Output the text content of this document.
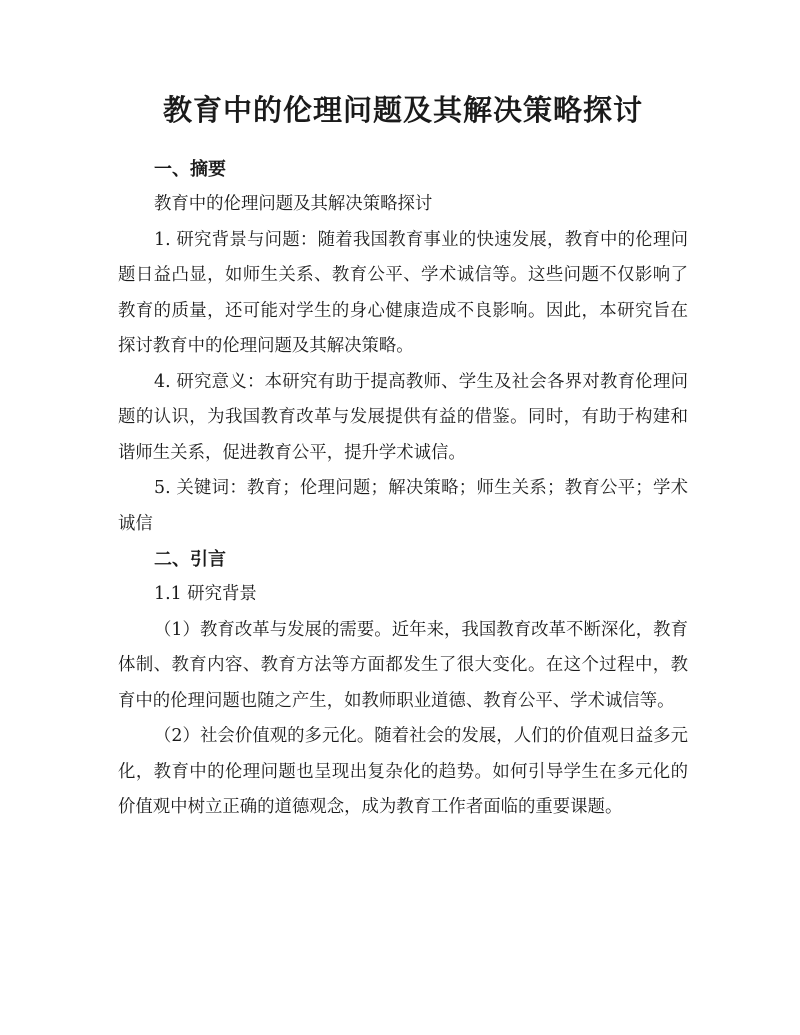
教育中的伦理问题及其解决策略探讨

一、摘要

教育中的伦理问题及其解决策略探讨

1. 研究背景与问题：随着我国教育事业的快速发展，教育中的伦理问题日益凸显，如师生关系、教育公平、学术诚信等。这些问题不仅影响了教育的质量，还可能对学生的身心健康造成不良影响。因此，本研究旨在探讨教育中的伦理问题及其解决策略。

4. 研究意义：本研究有助于提高教师、学生及社会各界对教育伦理问题的认识，为我国教育改革与发展提供有益的借鉴。同时，有助于构建和谐师生关系，促进教育公平，提升学术诚信。

5. 关键词：教育；伦理问题；解决策略；师生关系；教育公平；学术诚信

二、引言

1.1 研究背景

（1）教育改革与发展的需要。近年来，我国教育改革不断深化，教育体制、教育内容、教育方法等方面都发生了很大变化。在这个过程中，教育中的伦理问题也随之产生，如教师职业道德、教育公平、学术诚信等。

（2）社会价值观的多元化。随着社会的发展，人们的价值观日益多元化，教育中的伦理问题也呈现出复杂化的趋势。如何引导学生在多元化的价值观中树立正确的道德观念，成为教育工作者面临的重要课题。
